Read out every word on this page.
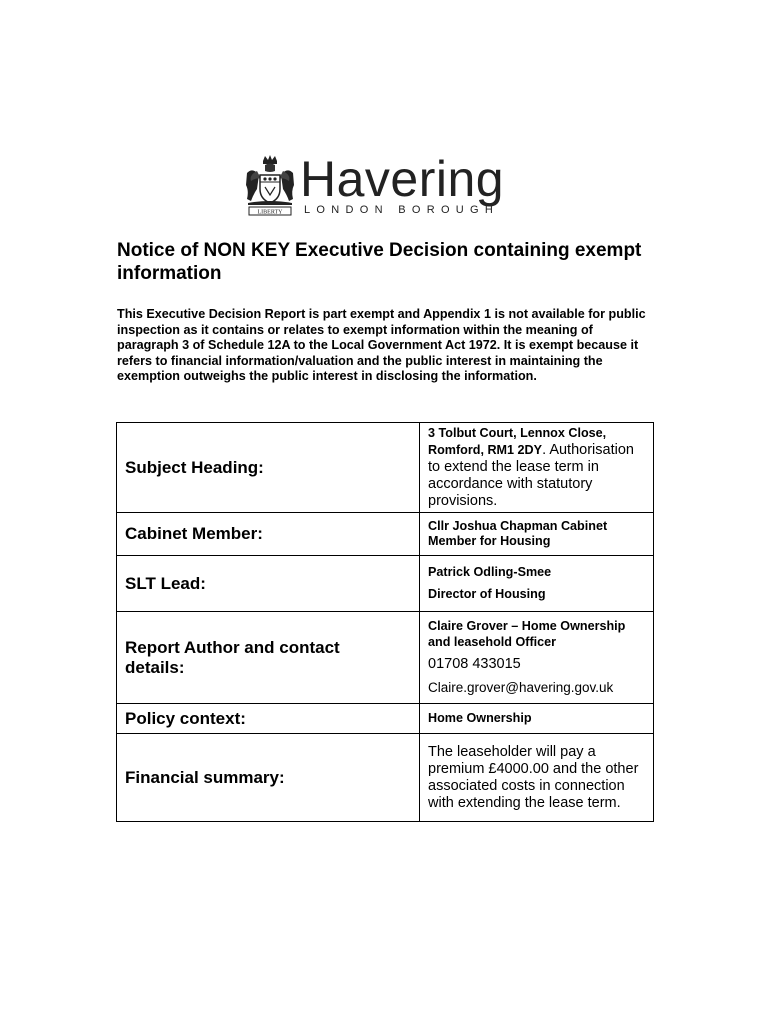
LIBERTY
Havering
LONDON BOROUGH
Notice of NON KEY Executive Decision containing exempt information

This Executive Decision Report is part exempt and Appendix 1 is not available for public inspection as it contains or relates to exempt information within the meaning of paragraph 3 of Schedule 12A to the Local Government Act 1972. It is exempt because it refers to financial information/valuation and the public interest in maintaining the exemption outweighs the public interest in disclosing the information.

Subject Heading:	3 Tolbut Court, Lennox Close, Romford, RM1 2DY. Authorisation to extend the lease term in accordance with statutory provisions.
Cabinet Member:	Cllr Joshua Chapman Cabinet Member for Housing

SLT Lead:	Patrick Odling-Smee
Director of Housing

Report Author and contact details:	Claire Grover – Home Ownership and leasehold Officer
01708 433015
Claire.grover@havering.gov.uk

Policy context:	Home Ownership
Financial summary:	The leaseholder will pay a premium £4000.00 and the other associated costs in connection with extending the lease term.
